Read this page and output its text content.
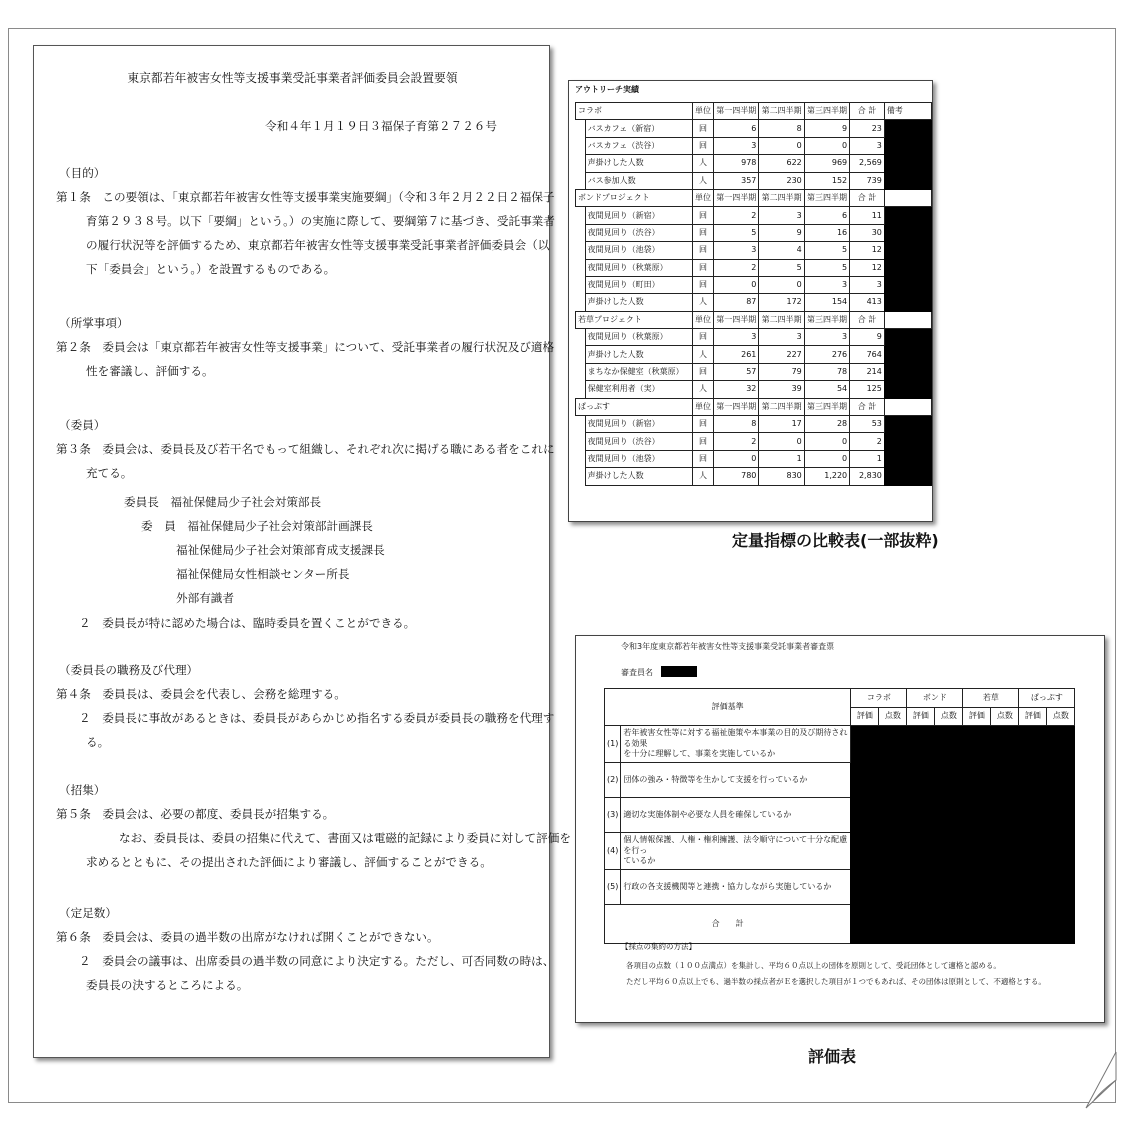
東京都若年被害女性等支援事業受託事業者評価委員会設置要領
令和４年１月１９日３福保子育第２７２６号
（目的）
第１条　この要領は、「東京都若年被害女性等支援事業実施要綱」（令和３年２月２２日２福保子
育第２９３８号。以下「要綱」という。）の実施に際して、要綱第７に基づき、受託事業者
の履行状況等を評価するため、東京都若年被害女性等支援事業受託事業者評価委員会（以
下「委員会」という。）を設置するものである。
（所掌事項）
第２条　委員会は「東京都若年被害女性等支援事業」について、受託事業者の履行状況及び適格
性を審議し、評価する。
（委員）
第３条　委員会は、委員長及び若干名でもって組織し、それぞれ次に掲げる職にある者をこれに
充てる。
委員長　福祉保健局少子社会対策部長
委　員　福祉保健局少子社会対策部計画課長
福祉保健局少子社会対策部育成支援課長
福祉保健局女性相談センター所長
外部有識者
２　委員長が特に認めた場合は、臨時委員を置くことができる。
（委員長の職務及び代理）
第４条　委員長は、委員会を代表し、会務を総理する。
２　委員長に事故があるときは、委員長があらかじめ指名する委員が委員長の職務を代理す
る。
（招集）
第５条　委員会は、必要の都度、委員長が招集する。
なお、委員長は、委員の招集に代えて、書面又は電磁的記録により委員に対して評価を
求めるとともに、その提出された評価により審議し、評価することができる。
（定足数）
第６条　委員会は、委員の過半数の出席がなければ開くことができない。
２　委員会の議事は、出席委員の過半数の同意により決定する。ただし、可否同数の時は、
委員長の決するところによる。
アウトリーチ実績
コラボ		単位	第一四半期	第二四半期	第三四半期	合 計	備考
	バスカフェ（新宿）	回	6	8	9	23	
	バスカフェ（渋谷）	回	3	0	0	3	
	声掛けした人数	人	978	622	969	2,569	
	バス参加人数	人	357	230	152	739	
ボンドプロジェクト		単位	第一四半期	第二四半期	第三四半期	合 計	
	夜間見回り（新宿）	回	2	3	6	11	
	夜間見回り（渋谷）	回	5	9	16	30	
	夜間見回り（池袋）	回	3	4	5	12	
	夜間見回り（秋葉原）	回	2	5	5	12	
	夜間見回り（町田）	回	0	0	3	3	
	声掛けした人数	人	87	172	154	413	
若草プロジェクト		単位	第一四半期	第二四半期	第三四半期	合 計	
	夜間見回り（秋葉原）	回	3	3	3	9	
	声掛けした人数	人	261	227	276	764	
	まちなか保健室（秋葉原）	回	57	79	78	214	
	保健室利用者（実）	人	32	39	54	125	
ぱっぷす		単位	第一四半期	第二四半期	第三四半期	合 計	
	夜間見回り（新宿）	回	8	17	28	53	
	夜間見回り（渋谷）	回	2	0	0	2	
	夜間見回り（池袋）	回	0	1	0	1	
	声掛けした人数	人	780	830	1,220	2,830	
定量指標の比較表(一部抜粋)
令和3年度東京都若年被害女性等支援事業受託事業者審査票
審査員名
評価基準		コラボ		ボンド		若草		ぱっぷす	
		評価	点数	評価	点数	評価	点数	評価	点数
(1)	若年被害女性等に対する福祉施策や本事業の目的及び期待される効果
を十分に理解して、事業を実施しているか								

(2)	団体の強み・特徴等を生かして支援を行っているか								

(3)	適切な実施体制や必要な人員を確保しているか								

(4)	個人情報保護、人権・権利擁護、法令順守について十分な配慮を行っ
ているか								

(5)	行政の各支援機関等と連携・協力しながら実施しているか								

合　　計									
【採点の集約の方法】
各項目の点数（１００点満点）を集計し、平均６０点以上の団体を原則として、受託団体として適格と認める。
ただし平均６０点以上でも、過半数の採点者がＥを選択した項目が１つでもあれば、その団体は原則として、不適格とする。
評価表
